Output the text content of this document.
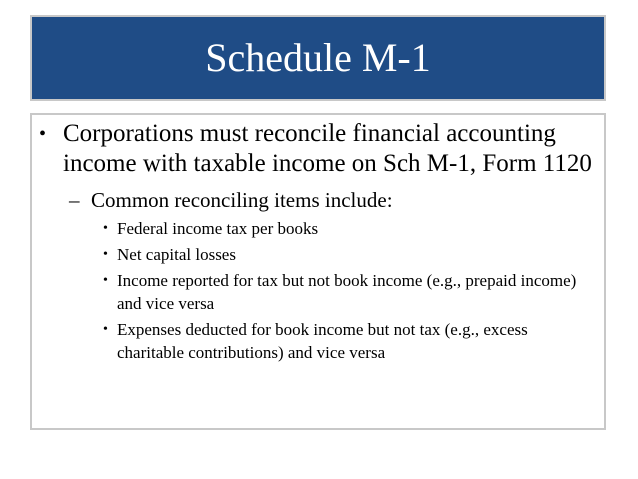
Schedule M-1
• Corporations must reconcile financial accounting income with taxable income on Sch M-1, Form 1120
– Common reconciling items include:
• Federal income tax per books
• Net capital losses
• Income reported for tax but not book income (e.g., prepaid income) and vice versa
• Expenses deducted for book income but not tax (e.g., excess charitable contributions) and vice versa
